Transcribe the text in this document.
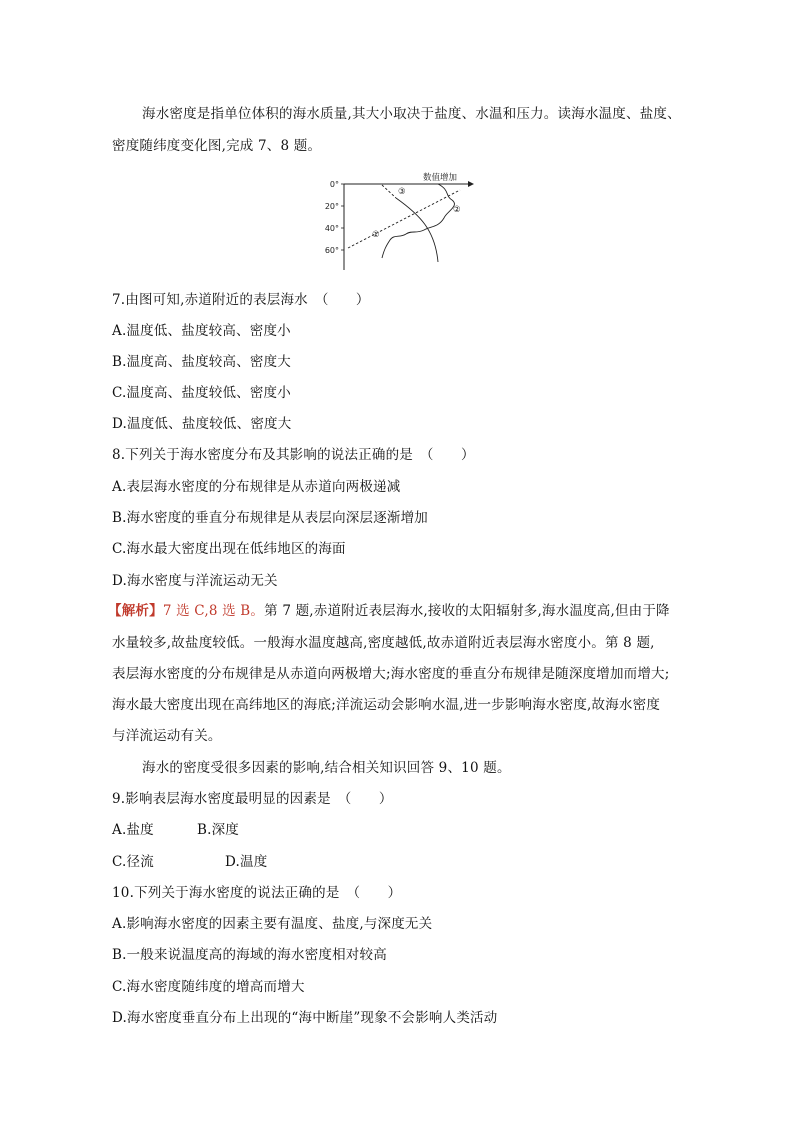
海水密度是指单位体积的海水质量,其大小取决于盐度、水温和压力。读海水温度、盐度、
密度随纬度变化图,完成 7、8 题。
0°
20°
40°
60°
数值增加
③
②
①
7.由图可知,赤道附近的表层海水　（　　）
A.温度低、盐度较高、密度小
B.温度高、盐度较高、密度大
C.温度高、盐度较低、密度小
D.温度低、盐度较低、密度大
8.下列关于海水密度分布及其影响的说法正确的是　（　　）
A.表层海水密度的分布规律是从赤道向两极递减
B.海水密度的垂直分布规律是从表层向深层逐渐增加
C.海水最大密度出现在低纬地区的海面
D.海水密度与洋流运动无关
【解析】7 选 C,8 选 B。第 7 题,赤道附近表层海水,接收的太阳辐射多,海水温度高,但由于降
水量较多,故盐度较低。一般海水温度越高,密度越低,故赤道附近表层海水密度小。第 8 题,
表层海水密度的分布规律是从赤道向两极增大;海水密度的垂直分布规律是随深度增加而增大;
海水最大密度出现在高纬地区的海底;洋流运动会影响水温,进一步影响海水密度,故海水密度
与洋流运动有关。
海水的密度受很多因素的影响,结合相关知识回答 9、10 题。
9.影响表层海水密度最明显的因素是　（　　）
A.盐度	B.深度
C.径流	D.温度
10.下列关于海水密度的说法正确的是　（　　）
A.影响海水密度的因素主要有温度、盐度,与深度无关
B.一般来说温度高的海域的海水密度相对较高
C.海水密度随纬度的增高而增大
D.海水密度垂直分布上出现的“海中断崖”现象不会影响人类活动
